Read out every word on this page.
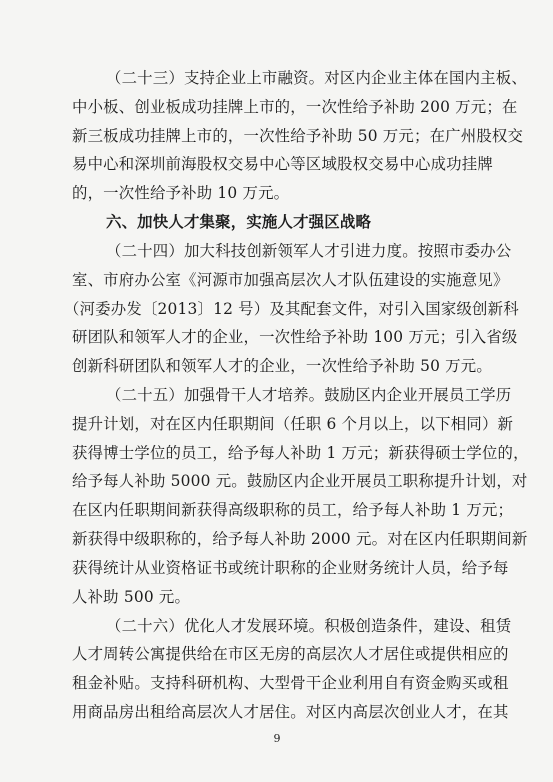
（二十三）支持企业上市融资。对区内企业主体在国内主板、
中小板、创业板成功挂牌上市的，一次性给予补助 200 万元；在
新三板成功挂牌上市的，一次性给予补助 50 万元；在广州股权交
易中心和深圳前海股权交易中心等区域股权交易中心成功挂牌
的，一次性给予补助 10 万元。
六、加快人才集聚，实施人才强区战略
（二十四）加大科技创新领军人才引进力度。按照市委办公
室、市府办公室《河源市加强高层次人才队伍建设的实施意见》
（河委办发〔2013〕12 号）及其配套文件，对引入国家级创新科
研团队和领军人才的企业，一次性给予补助 100 万元；引入省级
创新科研团队和领军人才的企业，一次性给予补助 50 万元。
（二十五）加强骨干人才培养。鼓励区内企业开展员工学历
提升计划，对在区内任职期间（任职 6 个月以上，以下相同）新
获得博士学位的员工，给予每人补助 1 万元；新获得硕士学位的，
给予每人补助 5000 元。鼓励区内企业开展员工职称提升计划，对
在区内任职期间新获得高级职称的员工，给予每人补助 1 万元；
新获得中级职称的，给予每人补助 2000 元。对在区内任职期间新
获得统计从业资格证书或统计职称的企业财务统计人员，给予每
人补助 500 元。
（二十六）优化人才发展环境。积极创造条件，建设、租赁
人才周转公寓提供给在市区无房的高层次人才居住或提供相应的
租金补贴。支持科研机构、大型骨干企业利用自有资金购买或租
用商品房出租给高层次人才居住。对区内高层次创业人才，在其
9
